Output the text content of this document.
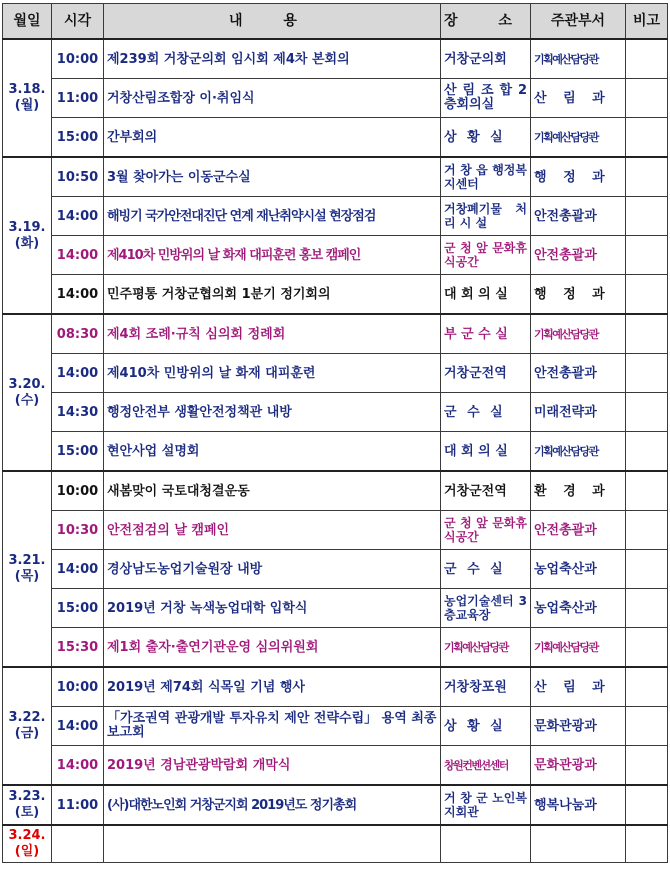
월일	시각	내 용	장 소	주관부서	비고
3.18.
(월)	10:00	제239회 거창군의회 임시회 제4차 본회의	거창군의회	기획예산담당관	
	11:00	거창산림조합장 이·취임식	산 림 조 합 2층회의실	산 림 과	
	15:00	간부회의	상 황 실	기획예산담당관	
3.19.
(화)	10:50	3월 찾아가는 이동군수실	거 창 읍 행정복지센터	행 정 과	
	14:00	해빙기 국가안전대진단 연계 재난취약시설 현장점검	거창폐기물 처 리 시 설	안전총괄과	
	14:00	제410차 민방위의 날 화재 대피훈련 홍보 캠페인	군 청 앞 문화휴식공간	안전총괄과	
	14:00	민주평통 거창군협의회 1분기 정기회의	대 회 의 실	행 정 과	
3.20.
(수)	08:30	제4회 조례·규칙 심의회 정례회	부 군 수 실	기획예산담당관	
	14:00	제410차 민방위의 날 화재 대피훈련	거창군전역	안전총괄과	
	14:30	행정안전부 생활안전정책관 내방	군 수 실	미래전략과	
	15:00	현안사업 설명회	대 회 의 실	기획예산담당관	
3.21.
(목)	10:00	새봄맞이 국토대청결운동	거창군전역	환 경 과	
	10:30	안전점검의 날 캠페인	군 청 앞 문화휴식공간	안전총괄과	
	14:00	경상남도농업기술원장 내방	군 수 실	농업축산과	
	15:00	2019년 거창 녹색농업대학 입학식	농업기술센터 3층교육장	농업축산과	
	15:30	제1회 출자·출연기관운영 심의위원회	기획예산담당관	기획예산담당관	
3.22.
(금)	10:00	2019년 제74회 식목일 기념 행사	거창창포원	산 림 과	
	14:00	「가조권역 관광개발 투자유치 제안 전략수립」 용역 최종보고회	상 황 실	문화관광과	
	14:00	2019년 경남관광박람회 개막식	창원컨벤션센터	문화관광과	
3.23.
(토)	11:00	(사)대한노인회 거창군지회 2019년도 정기총회	거 창 군 노인복지회관	행복나눔과	
3.24.
(일)					
